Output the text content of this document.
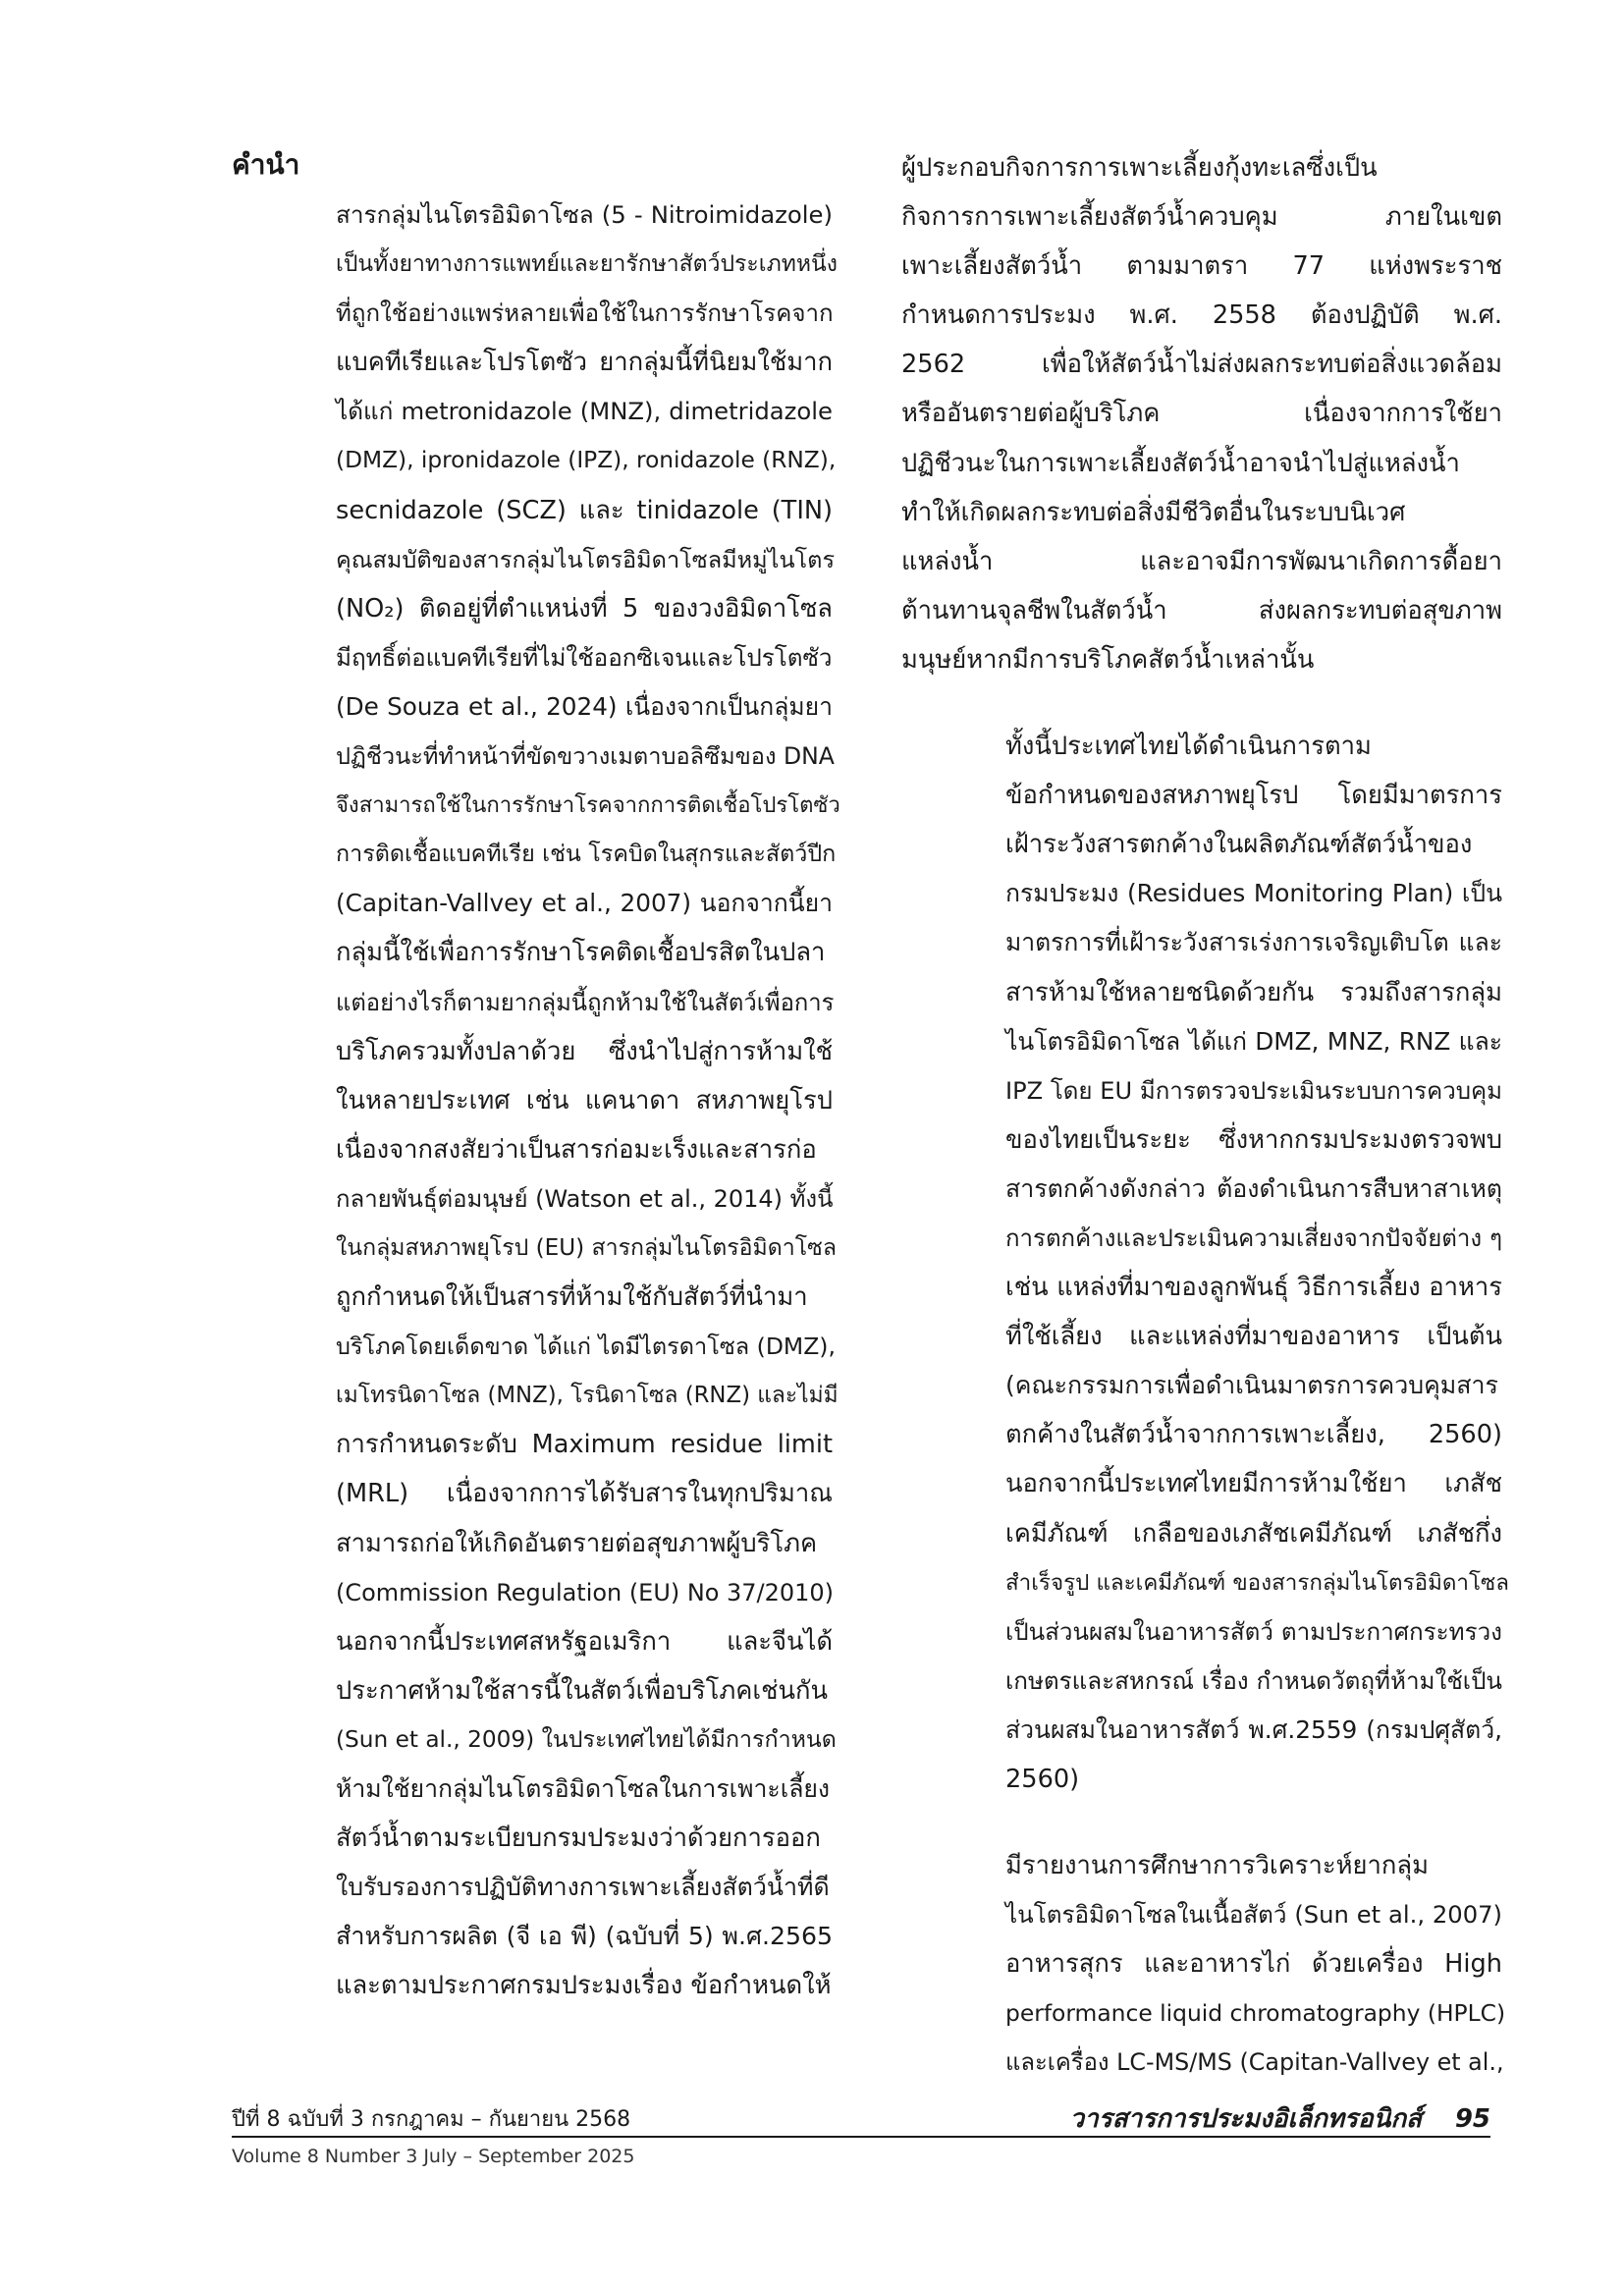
คำนำ
สารกลุ่มไนโตรอิมิดาโซล (5 - Nitroimidazole)
เป็นทั้งยาทางการแพทย์และยารักษาสัตว์ประเภทหนึ่ง
ที่ถูกใช้อย่างแพร่หลายเพื่อใช้ในการรักษาโรคจาก
แบคทีเรียและโปรโตซัว ยากลุ่มนี้ที่นิยมใช้มาก
ได้แก่ metronidazole (MNZ), dimetridazole
(DMZ), ipronidazole (IPZ), ronidazole (RNZ),
secnidazole (SCZ) และ tinidazole (TIN)
คุณสมบัติของสารกลุ่มไนโตรอิมิดาโซลมีหมู่ไนโตร
(NO₂) ติดอยู่ที่ตำแหน่งที่ 5 ของวงอิมิดาโซล
มีฤทธิ์ต่อแบคทีเรียที่ไม่ใช้ออกซิเจนและโปรโตซัว
(De Souza et al., 2024) เนื่องจากเป็นกลุ่มยา
ปฏิชีวนะที่ทำหน้าที่ขัดขวางเมตาบอลิซึมของ DNA
จึงสามารถใช้ในการรักษาโรคจากการติดเชื้อโปรโตซัว
การติดเชื้อแบคทีเรีย เช่น โรคบิดในสุกรและสัตว์ปีก
(Capitan-Vallvey et al., 2007) นอกจากนี้ยา
กลุ่มนี้ใช้เพื่อการรักษาโรคติดเชื้อปรสิตในปลา
แต่อย่างไรก็ตามยากลุ่มนี้ถูกห้ามใช้ในสัตว์เพื่อการ
บริโภครวมทั้งปลาด้วย ซึ่งนำไปสู่การห้ามใช้
ในหลายประเทศ เช่น แคนาดา สหภาพยุโรป
เนื่องจากสงสัยว่าเป็นสารก่อมะเร็งและสารก่อ
กลายพันธุ์ต่อมนุษย์ (Watson et al., 2014) ทั้งนี้
ในกลุ่มสหภาพยุโรป (EU) สารกลุ่มไนโตรอิมิดาโซล
ถูกกำหนดให้เป็นสารที่ห้ามใช้กับสัตว์ที่นำมา
บริโภคโดยเด็ดขาด ได้แก่ ไดมีไตรดาโซล (DMZ),
เมโทรนิดาโซล (MNZ), โรนิดาโซล (RNZ) และไม่มี
การกำหนดระดับ Maximum residue limit
(MRL) เนื่องจากการได้รับสารในทุกปริมาณ
สามารถก่อให้เกิดอันตรายต่อสุขภาพผู้บริโภค
(Commission Regulation (EU) No 37/2010)
นอกจากนี้ประเทศสหรัฐอเมริกา และจีนได้
ประกาศห้ามใช้สารนี้ในสัตว์เพื่อบริโภคเช่นกัน
(Sun et al., 2009) ในประเทศไทยได้มีการกำหนด
ห้ามใช้ยากลุ่มไนโตรอิมิดาโซลในการเพาะเลี้ยง
สัตว์น้ำตามระเบียบกรมประมงว่าด้วยการออก
ใบรับรองการปฏิบัติทางการเพาะเลี้ยงสัตว์น้ำที่ดี
สำหรับการผลิต (จี เอ พี) (ฉบับที่ 5) พ.ศ.2565
และตามประกาศกรมประมงเรื่อง ข้อกำหนดให้
ผู้ประกอบกิจการการเพาะเลี้ยงกุ้งทะเลซึ่งเป็น
กิจการการเพาะเลี้ยงสัตว์น้ำควบคุม ภายในเขต
เพาะเลี้ยงสัตว์น้ำ ตามมาตรา 77 แห่งพระราช
กำหนดการประมง พ.ศ. 2558 ต้องปฏิบัติ พ.ศ.
2562 เพื่อให้สัตว์น้ำไม่ส่งผลกระทบต่อสิ่งแวดล้อม
หรืออันตรายต่อผู้บริโภค เนื่องจากการใช้ยา
ปฏิชีวนะในการเพาะเลี้ยงสัตว์น้ำอาจนำไปสู่แหล่งน้ำ
ทำให้เกิดผลกระทบต่อสิ่งมีชีวิตอื่นในระบบนิเวศ
แหล่งน้ำ และอาจมีการพัฒนาเกิดการดื้อยา
ต้านทานจุลชีพในสัตว์น้ำ ส่งผลกระทบต่อสุขภาพ
มนุษย์หากมีการบริโภคสัตว์น้ำเหล่านั้น
ทั้งนี้ประเทศไทยได้ดำเนินการตาม
ข้อกำหนดของสหภาพยุโรป โดยมีมาตรการ
เฝ้าระวังสารตกค้างในผลิตภัณฑ์สัตว์น้ำของ
กรมประมง (Residues Monitoring Plan) เป็น
มาตรการที่เฝ้าระวังสารเร่งการเจริญเติบโต และ
สารห้ามใช้หลายชนิดด้วยกัน รวมถึงสารกลุ่ม
ไนโตรอิมิดาโซล ได้แก่ DMZ, MNZ, RNZ และ
IPZ โดย EU มีการตรวจประเมินระบบการควบคุม
ของไทยเป็นระยะ ซึ่งหากกรมประมงตรวจพบ
สารตกค้างดังกล่าว ต้องดำเนินการสืบหาสาเหตุ
การตกค้างและประเมินความเสี่ยงจากปัจจัยต่าง ๆ
เช่น แหล่งที่มาของลูกพันธุ์ วิธีการเลี้ยง อาหาร
ที่ใช้เลี้ยง และแหล่งที่มาของอาหาร เป็นต้น
(คณะกรรมการเพื่อดำเนินมาตรการควบคุมสาร
ตกค้างในสัตว์น้ำจากการเพาะเลี้ยง, 2560)
นอกจากนี้ประเทศไทยมีการห้ามใช้ยา เภสัช
เคมีภัณฑ์ เกลือของเภสัชเคมีภัณฑ์ เภสัชกึ่ง
สำเร็จรูป และเคมีภัณฑ์ ของสารกลุ่มไนโตรอิมิดาโซล
เป็นส่วนผสมในอาหารสัตว์ ตามประกาศกระทรวง
เกษตรและสหกรณ์ เรื่อง กำหนดวัตถุที่ห้ามใช้เป็น
ส่วนผสมในอาหารสัตว์ พ.ศ.2559 (กรมปศุสัตว์,
2560)
มีรายงานการศึกษาการวิเคราะห์ยากลุ่ม
ไนโตรอิมิดาโซลในเนื้อสัตว์ (Sun et al., 2007)
อาหารสุกร และอาหารไก่ ด้วยเครื่อง High
performance liquid chromatography (HPLC)
และเครื่อง LC-MS/MS (Capitan-Vallvey et al.,
ปีที่ 8 ฉบับที่ 3 กรกฎาคม – กันยายน 2568
Volume 8 Number 3 July – September 2025
วารสารการประมงอิเล็กทรอนิกส์	95
